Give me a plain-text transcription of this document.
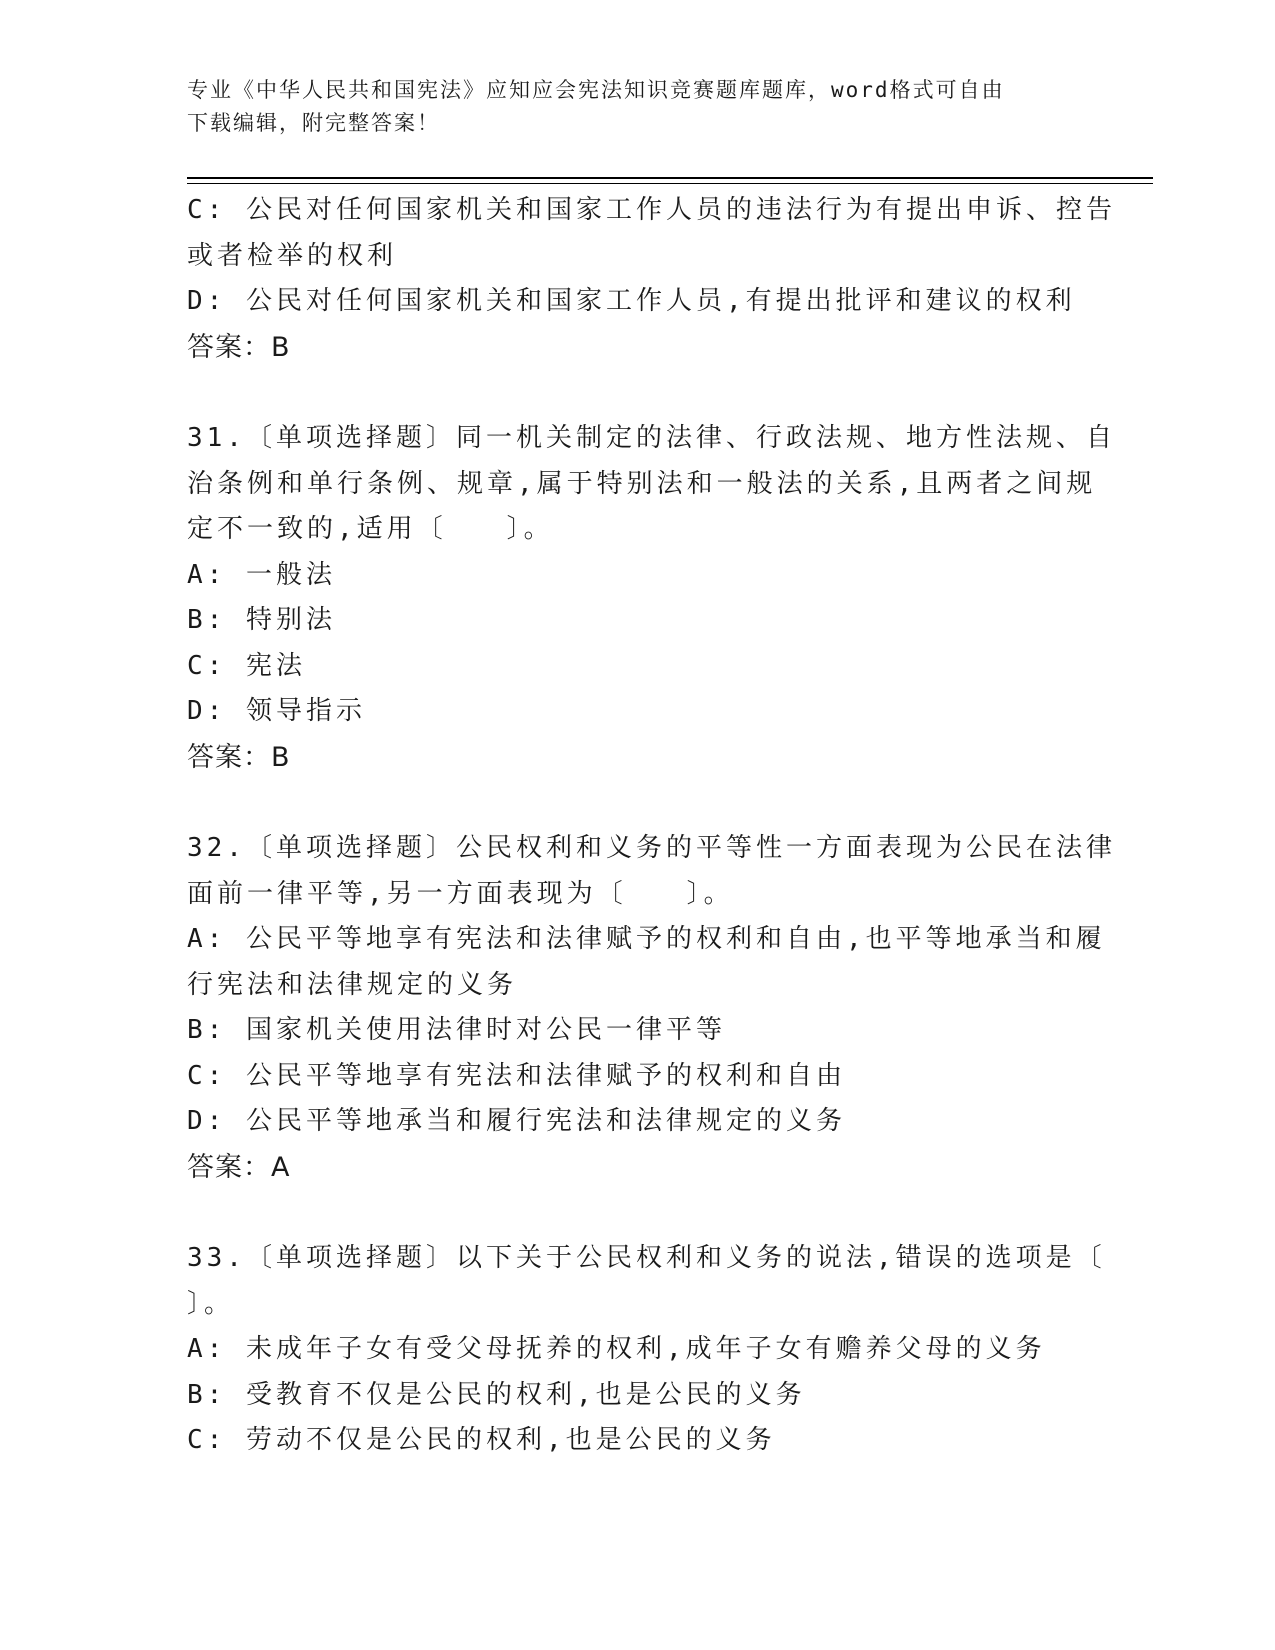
专业《中华人民共和国宪法》应知应会宪法知识竞赛题库题库，word格式可自由
下载编辑，附完整答案！
C: 公民对任何国家机关和国家工作人员的违法行为有提出申诉、控告
或者检举的权利
D: 公民对任何国家机关和国家工作人员,有提出批评和建议的权利
答案：B
31.〔单项选择题〕同一机关制定的法律、行政法规、地方性法规、自
治条例和单行条例、规章,属于特别法和一般法的关系,且两者之间规
定不一致的,适用〔　　〕。
A: 一般法
B: 特别法
C: 宪法
D: 领导指示
答案：B
32.〔单项选择题〕公民权利和义务的平等性一方面表现为公民在法律
面前一律平等,另一方面表现为〔　　〕。
A: 公民平等地享有宪法和法律赋予的权利和自由,也平等地承当和履
行宪法和法律规定的义务
B: 国家机关使用法律时对公民一律平等
C: 公民平等地享有宪法和法律赋予的权利和自由
D: 公民平等地承当和履行宪法和法律规定的义务
答案：A
33.〔单项选择题〕以下关于公民权利和义务的说法,错误的选项是〔
〕。
A: 未成年子女有受父母抚养的权利,成年子女有赡养父母的义务
B: 受教育不仅是公民的权利,也是公民的义务
C: 劳动不仅是公民的权利,也是公民的义务
